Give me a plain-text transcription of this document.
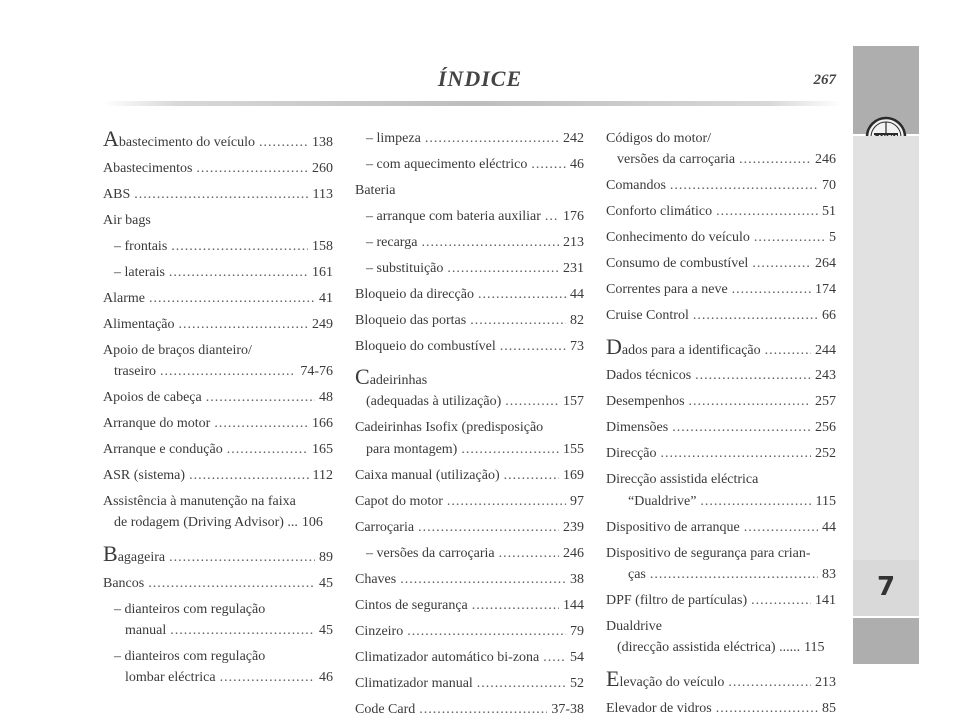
ÍNDICE	267
7
Abastecimento do veículo .....	138
Abastecimentos .....	260
ABS .....	113
Air bags
– frontais .....	158
– laterais .....	161
Alarme .....	41
Alimentação .....	249
Apoio de braços dianteiro/
traseiro .....	74-76
Apoios de cabeça .....	48
Arranque do motor .....	166
Arranque e condução .....	165
ASR (sistema) .....	112
Assistência à manutenção na faixa
de rodagem (Driving Advisor) ... 106
Bagageira .....	89
Bancos .....	45
– dianteiros com regulação
manual .....	45
– dianteiros com regulação
lombar eléctrica .....	46
– limpeza .....	242
– com aquecimento eléctrico .....	46
Bateria
– arranque com bateria auxiliar ..... 176
– recarga .....	213
– substituição .....	231
Bloqueio da direcção .....	44
Bloqueio das portas .....	82
Bloqueio do combustível .....	73
Cadeirinhas
(adequadas à utilização) .....	157
Cadeirinhas Isofix (predisposição
para montagem) .....	155
Caixa manual (utilização) .....	169
Capot do motor .....	97
Carroçaria .....	239
– versões da carroçaria .....	246
Chaves .....	38
Cintos de segurança .....	144
Cinzeiro .....	79
Climatizador automático bi-zona ..... 54
Climatizador manual .....	52
Code Card .....	37-38
Códigos do motor/
versões da carroçaria .....	246
Comandos .....	70
Conforto climático .....	51
Conhecimento do veículo .....	5
Consumo de combustível .....	264
Correntes para a neve .....	174
Cruise Control .....	66
Dados para a identificação .....	244
Dados técnicos .....	243
Desempenhos .....	257
Dimensões .....	256
Direcção .....	252
Direcção assistida eléctrica
“Dualdrive” .....	115
Dispositivo de arranque .....	44
Dispositivo de segurança para crian-
ças .....	83
DPF (filtro de partículas) .....	141
Dualdrive
(direcção assistida eléctrica) ...... 115
Elevação do veículo .....	213
Elevador de vidros .....	85
